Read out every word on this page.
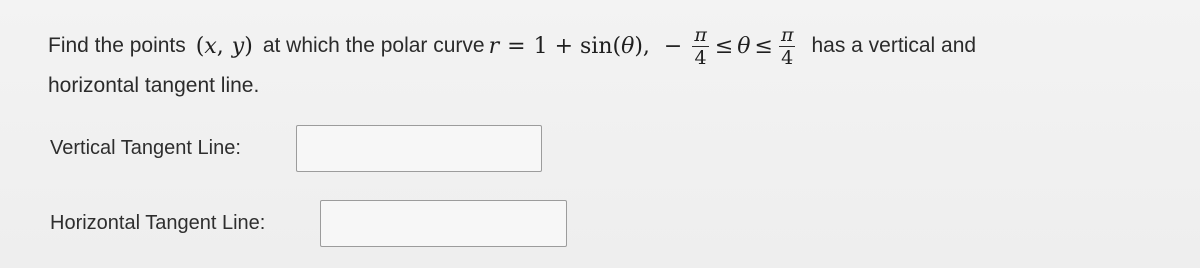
Find the points (x, y) at which the polar curve r = 1 + sin(θ), − $\frac{\pi}{4} \le \theta \le \frac{\pi}{4}$ has a vertical and
horizontal tangent line.
Vertical Tangent Line:
Horizontal Tangent Line:
